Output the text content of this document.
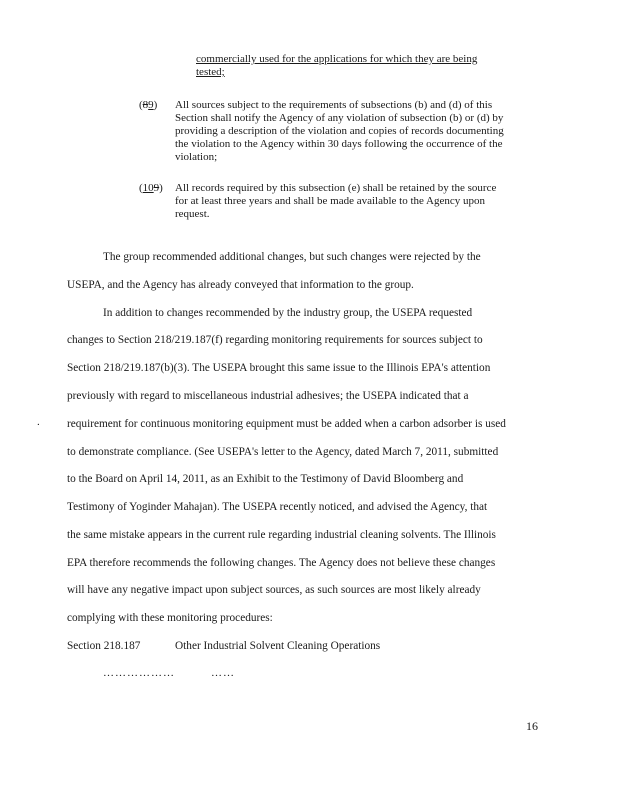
commercially used for the applications for which they are being
tested;
(89) All sources subject to the requirements of subsections (b) and (d) of this
Section shall notify the Agency of any violation of subsection (b) or (d) by
providing a description of the violation and copies of records documenting
the violation to the Agency within 30 days following the occurrence of the
violation;
(109) All records required by this subsection (e) shall be retained by the source
for at least three years and shall be made available to the Agency upon
request.
The group recommended additional changes, but such changes were rejected by the
USEPA, and the Agency has already conveyed that information to the group.
In addition to changes recommended by the industry group, the USEPA requested
changes to Section 218/219.187(f) regarding monitoring requirements for sources subject to
Section 218/219.187(b)(3). The USEPA brought this same issue to the Illinois EPA's attention
previously with regard to miscellaneous industrial adhesives; the USEPA indicated that a
. requirement for continuous monitoring equipment must be added when a carbon adsorber is used
to demonstrate compliance. (See USEPA's letter to the Agency, dated March 7, 2011, submitted
to the Board on April 14, 2011, as an Exhibit to the Testimony of David Bloomberg and
Testimony of Yoginder Mahajan). The USEPA recently noticed, and advised the Agency, that
the same mistake appears in the current rule regarding industrial cleaning solvents. The Illinois
EPA therefore recommends the following changes. The Agency does not believe these changes
will have any negative impact upon subject sources, as such sources are most likely already
complying with these monitoring procedures:
Section 218.187	Other Industrial Solvent Cleaning Operations
………………	……
16
